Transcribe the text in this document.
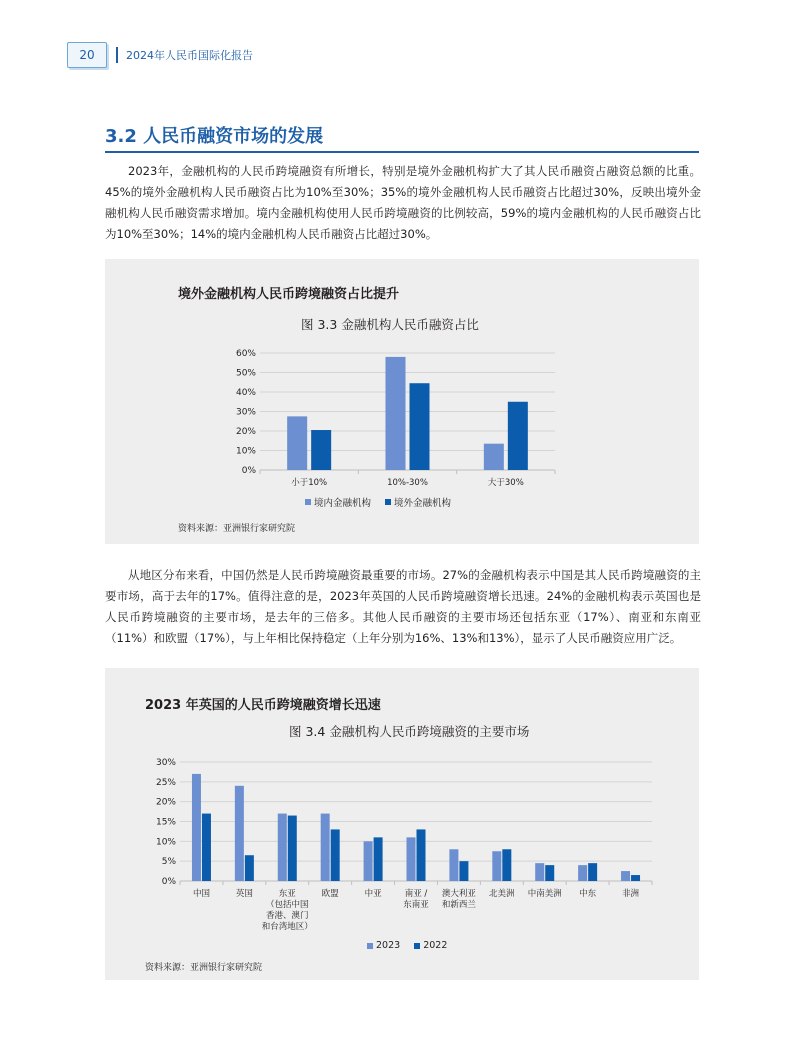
20	2024年人民币国际化报告
3.2 人民币融资市场的发展
2023年，金融机构的人民币跨境融资有所增长，特别是境外金融机构扩大了其人民币融资占融资总额的比重。45%的境外金融机构人民币融资占比为10%至30%；35%的境外金融机构人民币融资占比超过30%，反映出境外金融机构人民币融资需求增加。境内金融机构使用人民币跨境融资的比例较高，59%的境内金融机构的人民币融资占比为10%至30%；14%的境内金融机构人民币融资占比超过30%。
境外金融机构人民币跨境融资占比提升
图 3.3 金融机构人民币融资占比
0%
10%
20%
30%
40%
50%
60%
小于10%	10%-30%	大于30%
境内金融机构 境外金融机构
资料来源：亚洲银行家研究院
从地区分布来看，中国仍然是人民币跨境融资最重要的市场。27%的金融机构表示中国是其人民币跨境融资的主要市场，高于去年的17%。值得注意的是，2023年英国的人民币跨境融资增长迅速。24%的金融机构表示英国也是人民币跨境融资的主要市场，是去年的三倍多。其他人民币融资的主要市场还包括东亚（17%）、南亚和东南亚（11%）和欧盟（17%），与上年相比保持稳定（上年分别为16%、13%和13%），显示了人民币融资应用广泛。
2023 年英国的人民币跨境融资增长迅速
图 3.4 金融机构人民币跨境融资的主要市场
0%
5%
10%
15%
20%
25%
30%
中国	英国	东亚
（包括中国
香港、澳门
和台湾地区）
欧盟	中亚	南亚 /
东南亚
澳大利亚
和新西兰
北美洲 中南美洲 中东	非洲
2023 2022
资料来源：亚洲银行家研究院
